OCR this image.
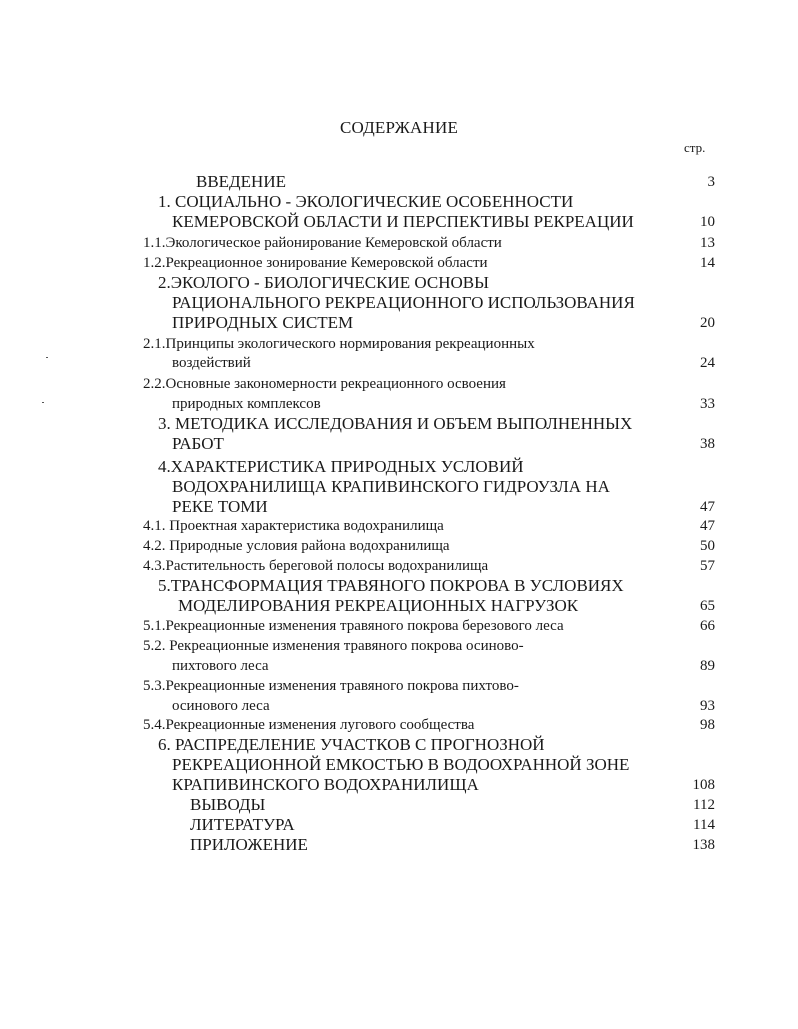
СОДЕРЖАНИЕ
стр.
ВВЕДЕНИЕ	3
1. СОЦИАЛЬНО - ЭКОЛОГИЧЕСКИЕ ОСОБЕННОСТИ
КЕМЕРОВСКОЙ ОБЛАСТИ И ПЕРСПЕКТИВЫ РЕКРЕАЦИИ	10
1.1.Экологическое районирование Кемеровской области	13
1.2.Рекреационное зонирование Кемеровской области	14
2.ЭКОЛОГО - БИОЛОГИЧЕСКИЕ ОСНОВЫ
РАЦИОНАЛЬНОГО РЕКРЕАЦИОННОГО ИСПОЛЬЗОВАНИЯ
ПРИРОДНЫХ СИСТЕМ	20
2.1.Принципы экологического нормирования рекреационных
воздействий	24
2.2.Основные закономерности рекреационного освоения
природных комплексов	33
3. МЕТОДИКА ИССЛЕДОВАНИЯ И ОБЪЕМ ВЫПОЛНЕННЫХ
РАБОТ	38
4.ХАРАКТЕРИСТИКА ПРИРОДНЫХ УСЛОВИЙ
ВОДОХРАНИЛИЩА КРАПИВИНСКОГО ГИДРОУЗЛА НА
РЕКЕ ТОМИ	47
4.1. Проектная характеристика водохранилища	47
4.2. Природные условия района водохранилища	50
4.3.Растительность береговой полосы водохранилища	57
5.ТРАНСФОРМАЦИЯ ТРАВЯНОГО ПОКРОВА В УСЛОВИЯХ
МОДЕЛИРОВАНИЯ РЕКРЕАЦИОННЫХ НАГРУЗОК	65
5.1.Рекреационные изменения травяного покрова березового леса	66
5.2. Рекреационные изменения травяного покрова осиново-
пихтового леса	89
5.3.Рекреационные изменения травяного покрова пихтово-
осинового леса	93
5.4.Рекреационные изменения лугового сообщества	98
6. РАСПРЕДЕЛЕНИЕ УЧАСТКОВ С ПРОГНОЗНОЙ
РЕКРЕАЦИОННОЙ ЕМКОСТЬЮ В ВОДООХРАННОЙ ЗОНЕ
КРАПИВИНСКОГО ВОДОХРАНИЛИЩА	108
ВЫВОДЫ	112
ЛИТЕРАТУРА	114
ПРИЛОЖЕНИЕ	138
